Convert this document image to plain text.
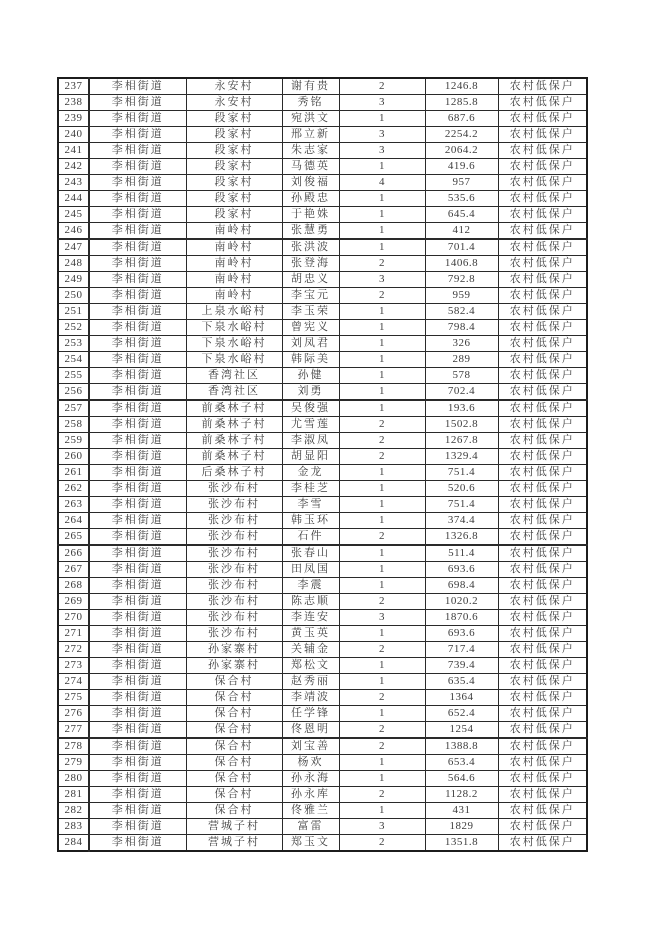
237	李相街道	永安村	谢有贵	2	1246.8	农村低保户
238	李相街道	永安村	秀铭	3	1285.8	农村低保户
239	李相街道	段家村	宛洪文	1	687.6	农村低保户
240	李相街道	段家村	邢立新	3	2254.2	农村低保户
241	李相街道	段家村	朱志家	3	2064.2	农村低保户
242	李相街道	段家村	马德英	1	419.6	农村低保户
243	李相街道	段家村	刘俊福	4	957	农村低保户
244	李相街道	段家村	孙殿忠	1	535.6	农村低保户
245	李相街道	段家村	于艳姝	1	645.4	农村低保户
246	李相街道	南岭村	张慧勇	1	412	农村低保户
247	李相街道	南岭村	张洪波	1	701.4	农村低保户
248	李相街道	南岭村	张登海	2	1406.8	农村低保户
249	李相街道	南岭村	胡忠义	3	792.8	农村低保户
250	李相街道	南岭村	李宝元	2	959	农村低保户
251	李相街道	上泉水峪村	李玉荣	1	582.4	农村低保户
252	李相街道	下泉水峪村	曾宪义	1	798.4	农村低保户
253	李相街道	下泉水峪村	刘凤君	1	326	农村低保户
254	李相街道	下泉水峪村	韩际美	1	289	农村低保户
255	李相街道	香湾社区	孙健	1	578	农村低保户
256	李相街道	香湾社区	刘勇	1	702.4	农村低保户
257	李相街道	前桑林子村	吴俊强	1	193.6	农村低保户
258	李相街道	前桑林子村	尤雪莲	2	1502.8	农村低保户
259	李相街道	前桑林子村	李淑凤	2	1267.8	农村低保户
260	李相街道	前桑林子村	胡显阳	2	1329.4	农村低保户
261	李相街道	后桑林子村	金龙	1	751.4	农村低保户
262	李相街道	张沙布村	李桂芝	1	520.6	农村低保户
263	李相街道	张沙布村	李雪	1	751.4	农村低保户
264	李相街道	张沙布村	韩玉环	1	374.4	农村低保户
265	李相街道	张沙布村	石件	2	1326.8	农村低保户
266	李相街道	张沙布村	张春山	1	511.4	农村低保户
267	李相街道	张沙布村	田凤国	1	693.6	农村低保户
268	李相街道	张沙布村	李震	1	698.4	农村低保户
269	李相街道	张沙布村	陈志顺	2	1020.2	农村低保户
270	李相街道	张沙布村	李连安	3	1870.6	农村低保户
271	李相街道	张沙布村	黄玉英	1	693.6	农村低保户
272	李相街道	孙家寨村	关辅金	2	717.4	农村低保户
273	李相街道	孙家寨村	郑松文	1	739.4	农村低保户
274	李相街道	保合村	赵秀丽	1	635.4	农村低保户
275	李相街道	保合村	李靖波	2	1364	农村低保户
276	李相街道	保合村	任学锋	1	652.4	农村低保户
277	李相街道	保合村	佟恩明	2	1254	农村低保户
278	李相街道	保合村	刘宝善	2	1388.8	农村低保户
279	李相街道	保合村	杨欢	1	653.4	农村低保户
280	李相街道	保合村	孙永海	1	564.6	农村低保户
281	李相街道	保合村	孙永库	2	1128.2	农村低保户
282	李相街道	保合村	佟雅兰	1	431	农村低保户
283	李相街道	营城子村	富雷	3	1829	农村低保户
284	李相街道	营城子村	郑玉文	2	1351.8	农村低保户
